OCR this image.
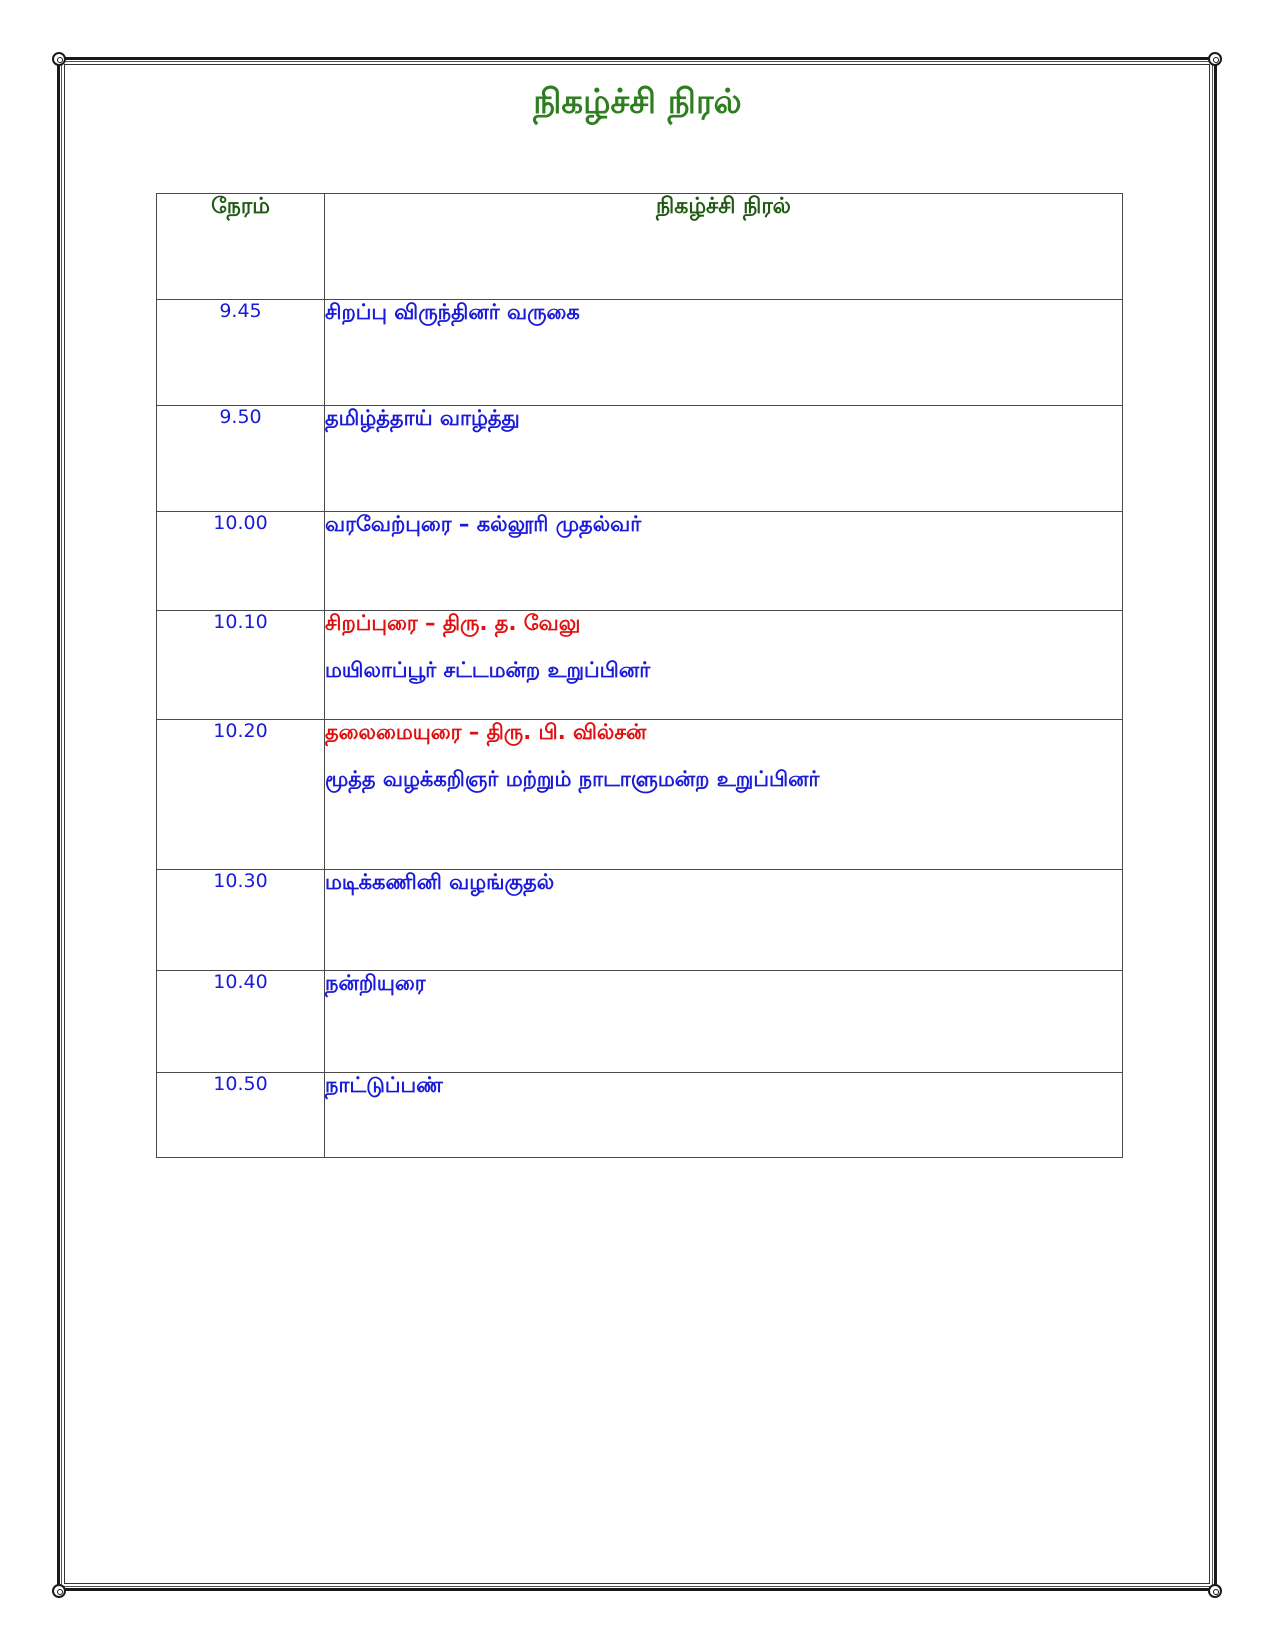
நிகழ்ச்சி நிரல்
நேரம்	நிகழ்ச்சி நிரல்
9.45	சிறப்பு விருந்தினர் வருகை

9.50	தமிழ்த்தாய் வாழ்த்து

10.00	வரவேற்புரை – கல்லூரி முதல்வர்

10.10	சிறப்புரை – திரு. த. வேலு
மயிலாப்பூர் சட்டமன்ற உறுப்பினர்

10.20	தலைமையுரை – திரு. பி. வில்சன்
மூத்த வழக்கறிஞர் மற்றும் நாடாளுமன்ற உறுப்பினர்

10.30	மடிக்கணினி வழங்குதல்

10.40	நன்றியுரை

10.50	நாட்டுப்பண்
